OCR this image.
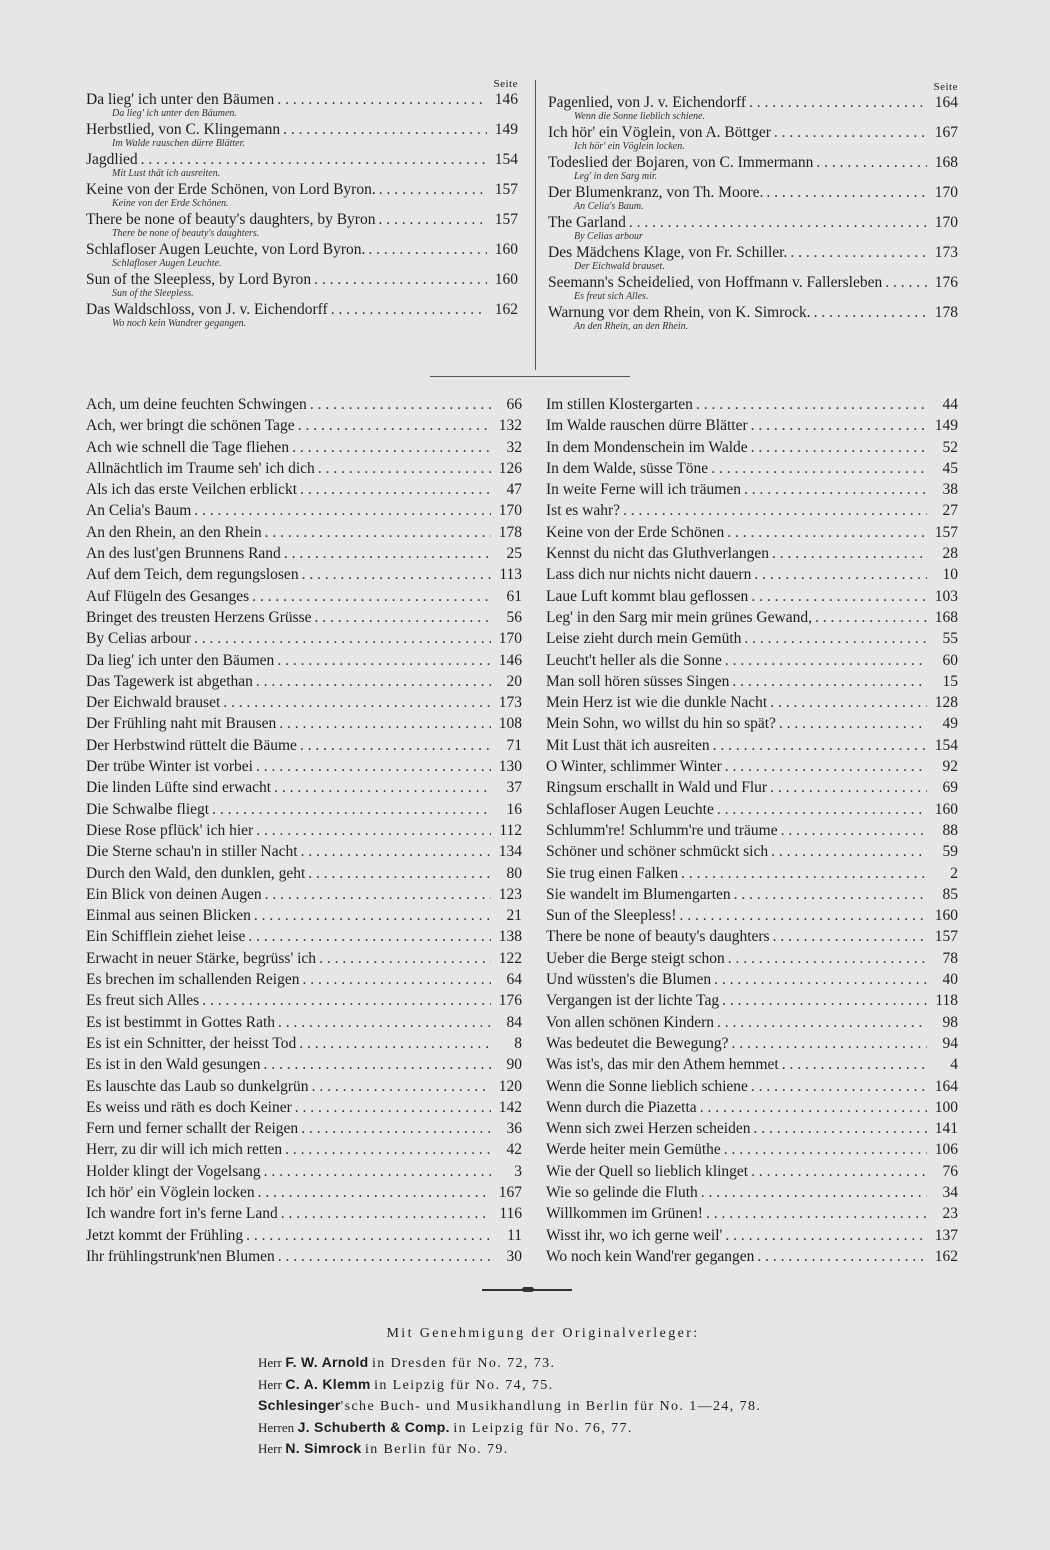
Seite
Da lieg' ich unter den Bäumen . . .	146
Da lieg' ich unter den Bäumen.
Herbstlied, von C. Klingemann . . .	149
Im Walde rauschen dürre Blätter.
Jagdlied . . .	154
Mit Lust thät ich ausreiten.
Keine von der Erde Schönen, von Lord Byron. . . .	157
Keine von der Erde Schönen.
There be none of beauty's daughters, by Byron . . .	157
There be none of beauty's daughters.
Schlafloser Augen Leuchte, von Lord Byron. . . .	160
Schlafloser Augen Leuchte.
Sun of the Sleepless, by Lord Byron . . .	160
Sun of the Sleepless.
Das Waldschloss, von J. v. Eichendorff . . .	162
Wo noch kein Wandrer gegangen.
Seite
Pagenlied, von J. v. Eichendorff . . .	164
Wenn die Sonne lieblich schiene.
Ich hör' ein Vöglein, von A. Böttger . . .	167
Ich hör' ein Vöglein locken.
Todeslied der Bojaren, von C. Immermann . . .	168
Leg' in den Sarg mir.
Der Blumenkranz, von Th. Moore. . . .	170
An Celia's Baum.
The Garland . . .	170
By Celias arbour
Des Mädchens Klage, von Fr. Schiller. . . .	173
Der Eichwald brauset.
Seemann's Scheidelied, von Hoffmann v. Fallersleben . . .	176
Es freut sich Alles.
Warnung vor dem Rhein, von K. Simrock. . . .	178
An den Rhein, an den Rhein.
Ach, um deine feuchten Schwingen . . .	66
Ach, wer bringt die schönen Tage . . .	132
Ach wie schnell die Tage fliehen . . .	32
Allnächtlich im Traume seh' ich dich . . .	126
Als ich das erste Veilchen erblickt . . .	47
An Celia's Baum . . .	170
An den Rhein, an den Rhein . . .	178
An des lust'gen Brunnens Rand . . .	25
Auf dem Teich, dem regungslosen . . .	113
Auf Flügeln des Gesanges . . .	61
Bringet des treusten Herzens Grüsse . . .	56
By Celias arbour . . .	170
Da lieg' ich unter den Bäumen . . .	146
Das Tagewerk ist abgethan . . .	20
Der Eichwald brauset . . .	173
Der Frühling naht mit Brausen . . .	108
Der Herbstwind rüttelt die Bäume . . .	71
Der trübe Winter ist vorbei . . .	130
Die linden Lüfte sind erwacht . . .	37
Die Schwalbe fliegt . . .	16
Diese Rose pflück' ich hier . . .	112
Die Sterne schau'n in stiller Nacht . . .	134
Durch den Wald, den dunklen, geht . . .	80
Ein Blick von deinen Augen . . .	123
Einmal aus seinen Blicken . . .	21
Ein Schifflein ziehet leise . . .	138
Erwacht in neuer Stärke, begrüss' ich . . .	122
Es brechen im schallenden Reigen . . .	64
Es freut sich Alles . . .	176
Es ist bestimmt in Gottes Rath . . .	84
Es ist ein Schnitter, der heisst Tod . . .	8
Es ist in den Wald gesungen . . .	90
Es lauschte das Laub so dunkelgrün . . .	120
Es weiss und räth es doch Keiner . . .	142
Fern und ferner schallt der Reigen . . .	36
Herr, zu dir will ich mich retten . . .	42
Holder klingt der Vogelsang . . .	3
Ich hör' ein Vöglein locken . . .	167
Ich wandre fort in's ferne Land . . .	116
Jetzt kommt der Frühling . . .	11
Ihr frühlingstrunk'nen Blumen . . .	30
Im stillen Klostergarten . . .	44
Im Walde rauschen dürre Blätter . . .	149
In dem Mondenschein im Walde . . .	52
In dem Walde, süsse Töne . . .	45
In weite Ferne will ich träumen . . .	38
Ist es wahr? . . .	27
Keine von der Erde Schönen . . .	157
Kennst du nicht das Gluthverlangen . . .	28
Lass dich nur nichts nicht dauern . . .	10
Laue Luft kommt blau geflossen . . .	103
Leg' in den Sarg mir mein grünes Gewand, . . .	168
Leise zieht durch mein Gemüth . . .	55
Leucht't heller als die Sonne . . .	60
Man soll hören süsses Singen . . .	15
Mein Herz ist wie die dunkle Nacht . . .	128
Mein Sohn, wo willst du hin so spät? . . .	49
Mit Lust thät ich ausreiten . . .	154
O Winter, schlimmer Winter . . .	92
Ringsum erschallt in Wald und Flur . . .	69
Schlafloser Augen Leuchte . . .	160
Schlumm're! Schlumm're und träume . . .	88
Schöner und schöner schmückt sich . . .	59
Sie trug einen Falken . . .	2
Sie wandelt im Blumengarten . . .	85
Sun of the Sleepless! . . .	160
There be none of beauty's daughters . . .	157
Ueber die Berge steigt schon . . .	78
Und wüssten's die Blumen . . .	40
Vergangen ist der lichte Tag . . .	118
Von allen schönen Kindern . . .	98
Was bedeutet die Bewegung? . . .	94
Was ist's, das mir den Athem hemmet . . .	4
Wenn die Sonne lieblich schiene . . .	164
Wenn durch die Piazetta . . .	100
Wenn sich zwei Herzen scheiden . . .	141
Werde heiter mein Gemüthe . . .	106
Wie der Quell so lieblich klinget . . .	76
Wie so gelinde die Fluth . . .	34
Willkommen im Grünen! . . .	23
Wisst ihr, wo ich gerne weil' . . .	137
Wo noch kein Wand'rer gegangen . . .	162
Mit Genehmigung der Originalverleger:
Herr F. W. Arnold in Dresden für No. 72, 73.
Herr C. A. Klemm in Leipzig für No. 74, 75.
Schlesinger'sche Buch- und Musikhandlung in Berlin für No. 1—24, 78.
Herren J. Schuberth & Comp. in Leipzig für No. 76, 77.
Herr N. Simrock in Berlin für No. 79.
